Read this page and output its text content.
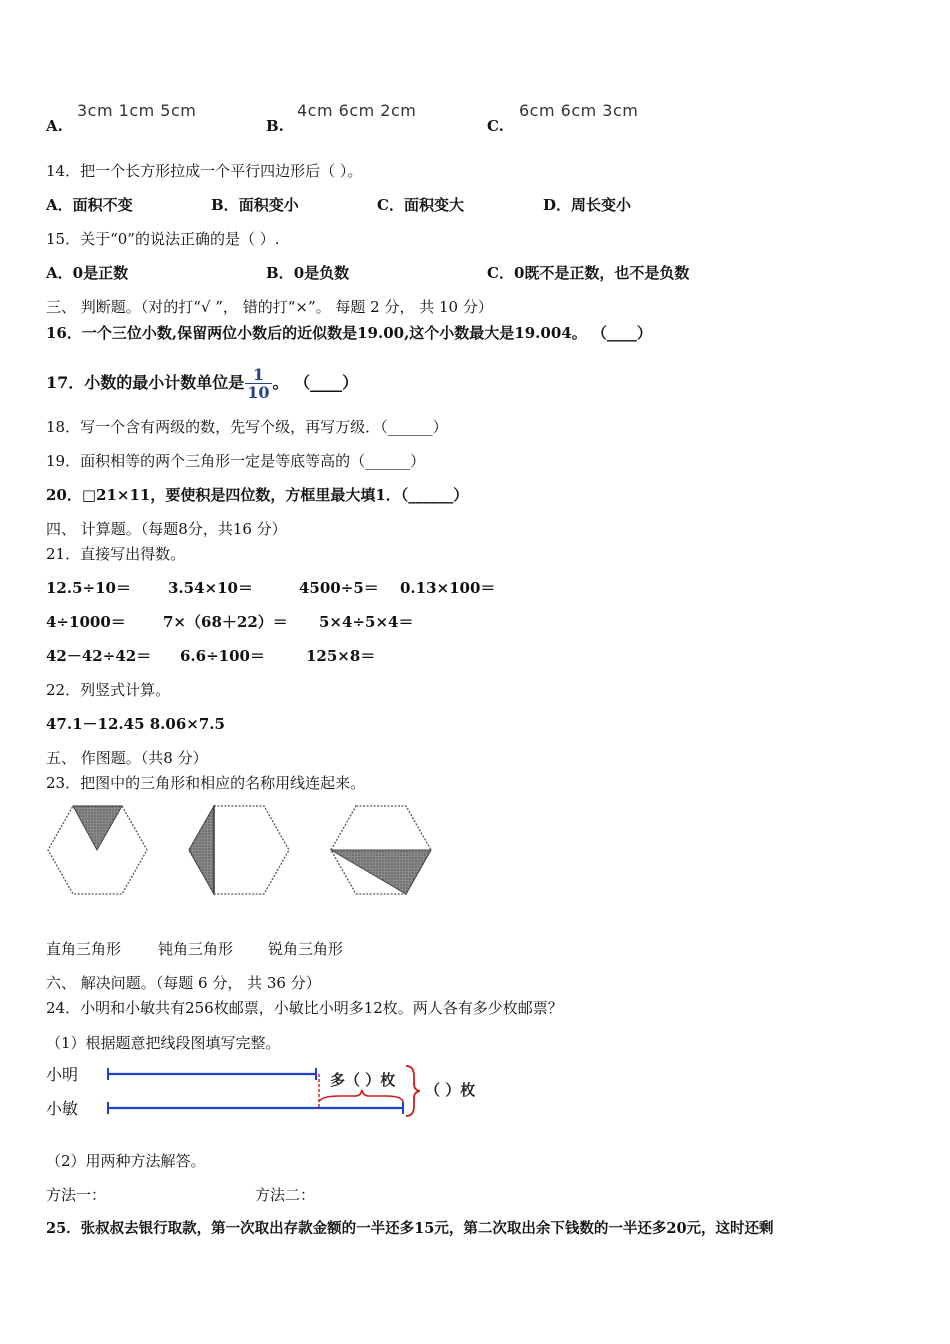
A.
3cm 1cm 5cm
B.
4cm 6cm 2cm
C.
6cm 6cm 3cm
14．把一个长方形拉成一个平行四边形后（ ）。
A．面积不变	B．面积变小	C．面积变大	D．周长变小
15．关于“0”的说法正确的是（ ）.
A．0是正数	B．0是负数	C．0既不是正数，也不是负数
三、 判断题。（对的打“√ ”， 错的打“×”。 每题 2 分， 共 10 分）
16．一个三位小数,保留两位小数后的近似数是19.00,这个小数最大是19.004。 （____）
17．小数的最小计数单位是 $\frac{1}{10}$ 。 （____）
18．写一个含有两级的数，先写个级，再写万级．（______）
19．面积相等的两个三角形一定是等底等高的（______）
20．□21×11，要使积是四位数，方框里最大填1．（______）
四、 计算题。（每题8分，共16 分）
21．直接写出得数。
12.5÷10＝ 3.54×10＝	4500÷5＝ 0.13×100＝
4÷1000＝ 7×（68＋22）＝ 5×4÷5×4＝
42－42÷42＝ 6.6÷100＝	125×8＝
22．列竖式计算。
47.1－12.45 8.06×7.5
五、 作图题。（共8 分）
23．把图中的三角形和相应的名称用线连起来。
直角三角形 钝角三角形 锐角三角形
六、 解决问题。（每题 6 分， 共 36 分）
24．小明和小敏共有256枚邮票，小敏比小明多12枚。两人各有多少枚邮票？
（1）根据题意把线段图填写完整。
小明
小敏
多（ ）枚
（ ）枚
（2）用两种方法解答。
方法一：	方法二：
25．张叔叔去银行取款，第一次取出存款金额的一半还多15元，第二次取出余下钱数的一半还多20元，这时还剩
